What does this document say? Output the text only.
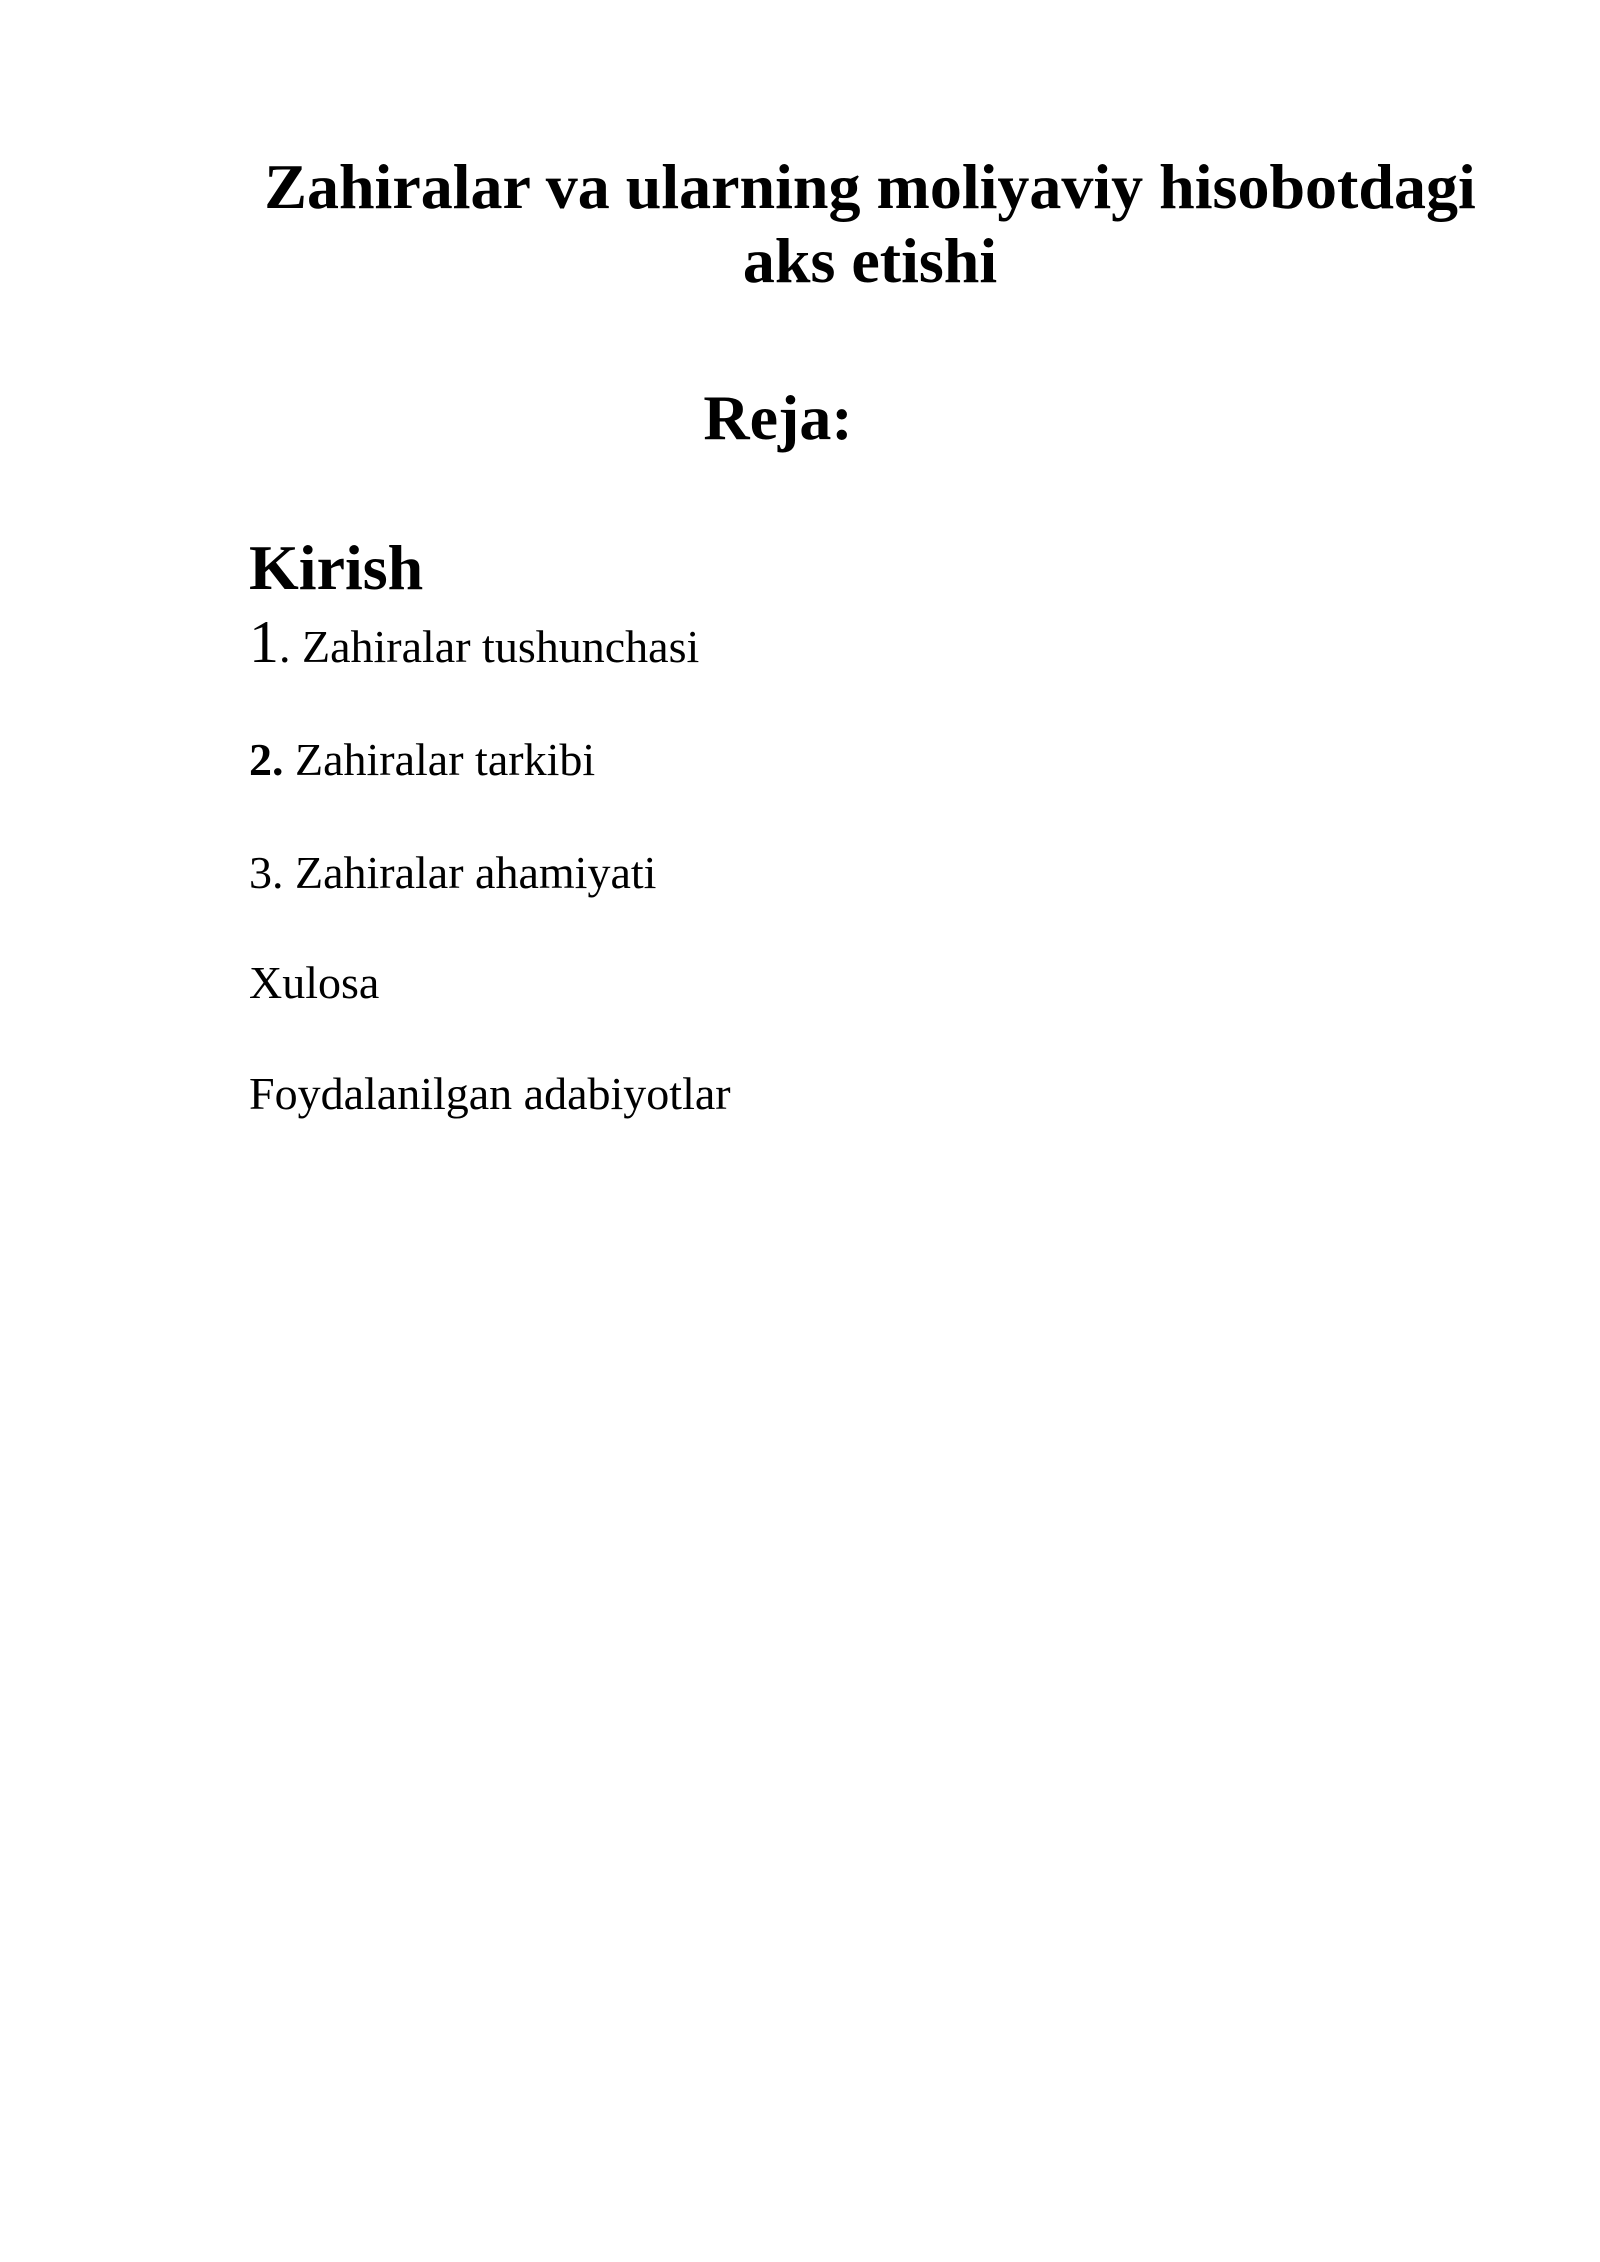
Zahiralar va ularning moliyaviy hisobotdagi
aks etishi
Reja:
Kirish

1. Zahiralar tushunchasi

2. Zahiralar tarkibi

3. Zahiralar ahamiyati

Xulosa

Foydalanilgan adabiyotlar
